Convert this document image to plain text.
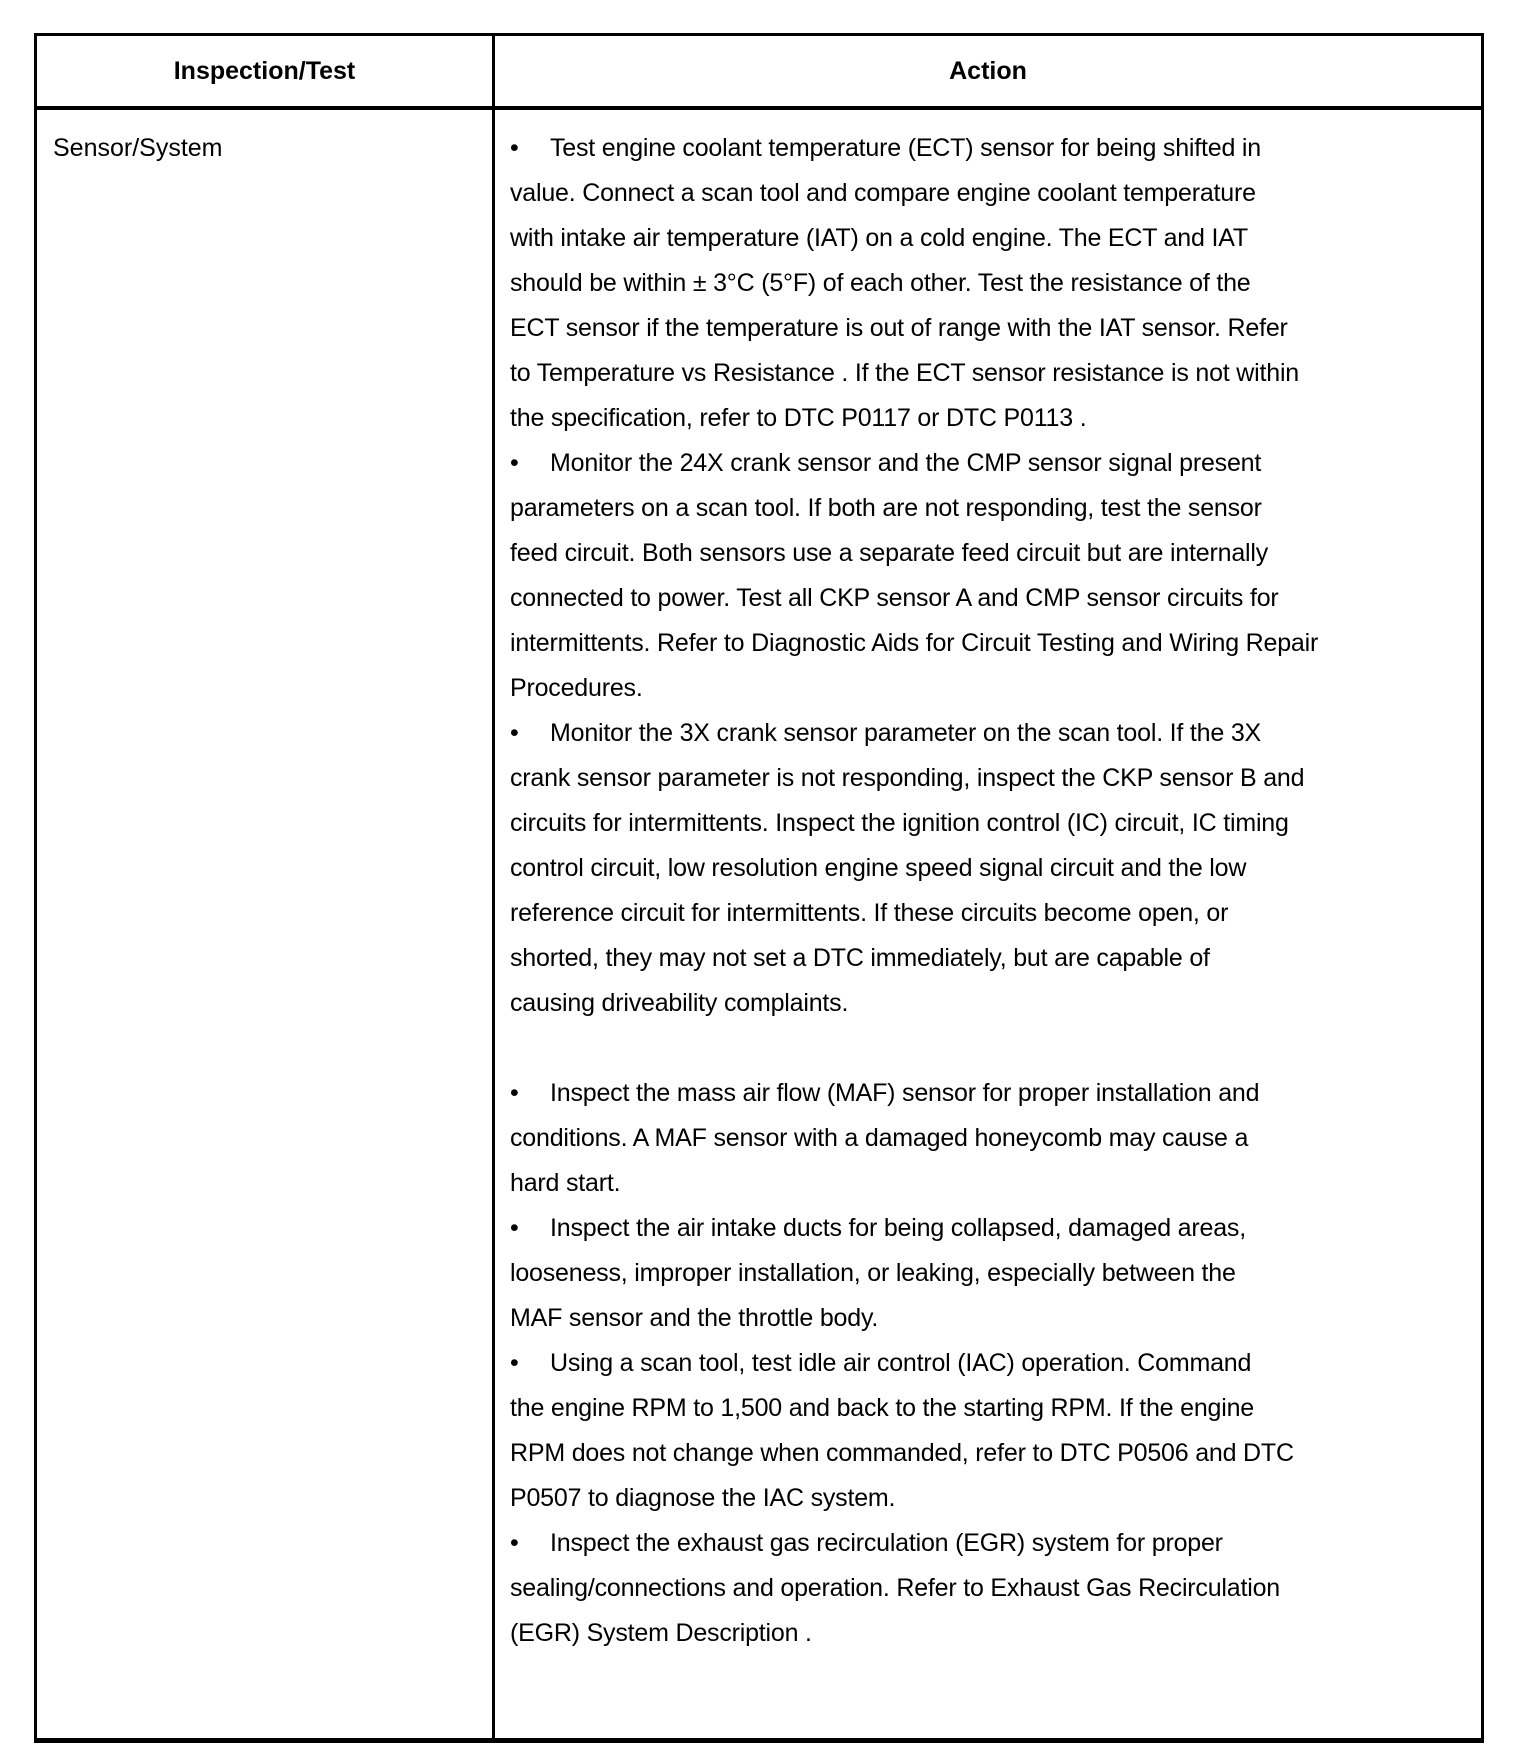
Inspection/Test	Action
Sensor/System	• Test engine coolant temperature (ECT) sensor for being shifted in
value. Connect a scan tool and compare engine coolant temperature
with intake air temperature (IAT) on a cold engine. The ECT and IAT
should be within ± 3°C (5°F) of each other. Test the resistance of the
ECT sensor if the temperature is out of range with the IAT sensor. Refer
to Temperature vs Resistance . If the ECT sensor resistance is not within
the specification, refer to DTC P0117 or DTC P0113 .
• Monitor the 24X crank sensor and the CMP sensor signal present
parameters on a scan tool. If both are not responding, test the sensor
feed circuit. Both sensors use a separate feed circuit but are internally
connected to power. Test all CKP sensor A and CMP sensor circuits for
intermittents. Refer to Diagnostic Aids for Circuit Testing and Wiring Repair
Procedures.
• Monitor the 3X crank sensor parameter on the scan tool. If the 3X
crank sensor parameter is not responding, inspect the CKP sensor B and
circuits for intermittents. Inspect the ignition control (IC) circuit, IC timing
control circuit, low resolution engine speed signal circuit and the low
reference circuit for intermittents. If these circuits become open, or
shorted, they may not set a DTC immediately, but are capable of
causing driveability complaints.
• Inspect the mass air flow (MAF) sensor for proper installation and
conditions. A MAF sensor with a damaged honeycomb may cause a
hard start.
• Inspect the air intake ducts for being collapsed, damaged areas,
looseness, improper installation, or leaking, especially between the
MAF sensor and the throttle body.
• Using a scan tool, test idle air control (IAC) operation. Command
the engine RPM to 1,500 and back to the starting RPM. If the engine
RPM does not change when commanded, refer to DTC P0506 and DTC
P0507 to diagnose the IAC system.
• Inspect the exhaust gas recirculation (EGR) system for proper
sealing/connections and operation. Refer to Exhaust Gas Recirculation
(EGR) System Description .
